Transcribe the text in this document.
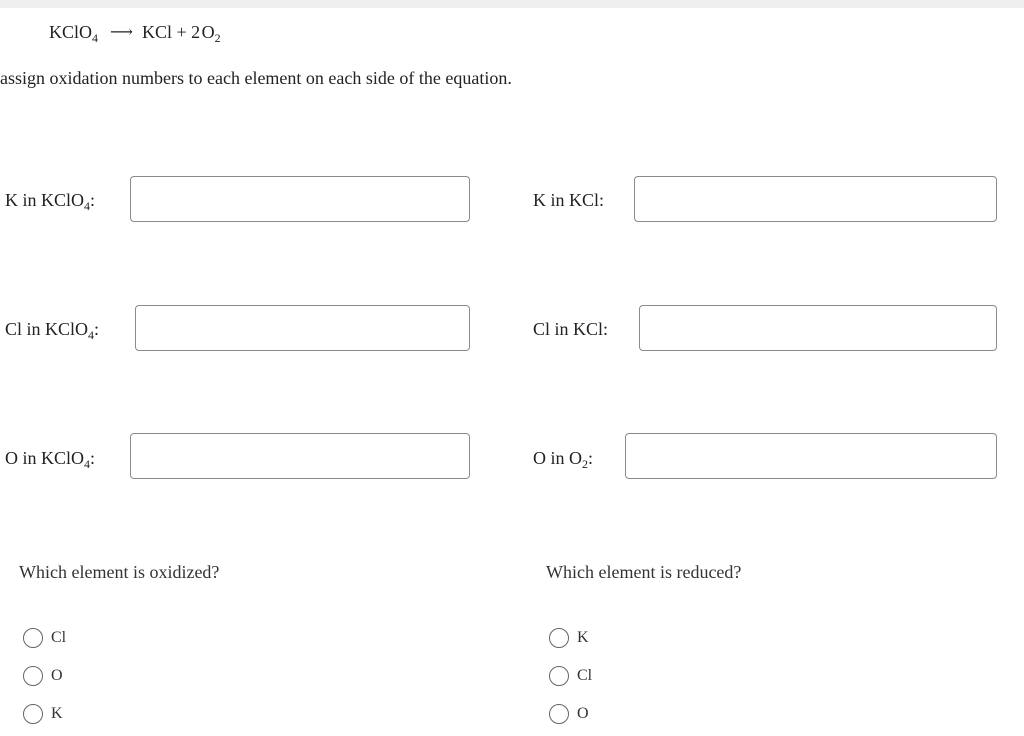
KClO$_4$ ⟶ KCl + 2 $O_2$
assign oxidation numbers to each element on each side of the equation.
K in KClO$_4$:	K in KCl:
Cl in KClO$_4$:	Cl in KCl:
O in KClO$_4$:	O in $O_2$:
Which element is oxidized?
Cl
O
K
Which element is reduced?
K
Cl
O
